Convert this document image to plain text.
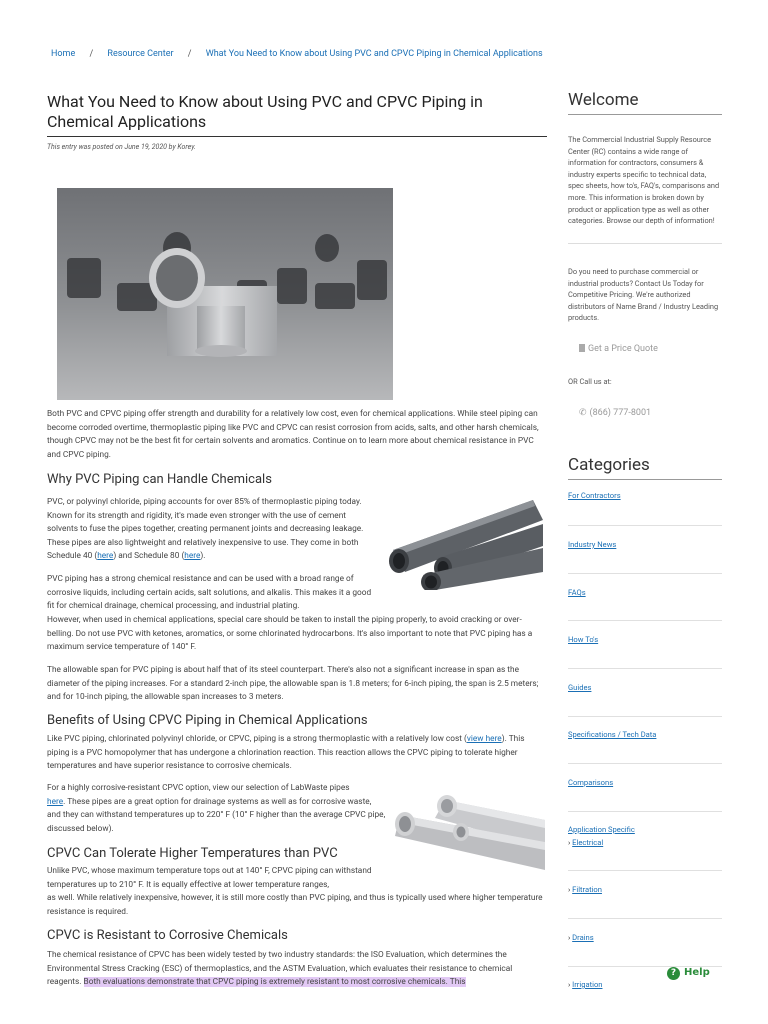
Home / Resource Center / What You Need to Know about Using PVC and CPVC Piping in Chemical Applications
What You Need to Know about Using PVC and CPVC Piping in Chemical Applications
This entry was posted on June 19, 2020 by Korey.

Both PVC and CPVC piping offer strength and durability for a relatively low cost, even for chemical applications. While steel piping can become corroded overtime, thermoplastic piping like PVC and CPVC can resist corrosion from acids, salts, and other harsh chemicals, though CPVC may not be the best fit for certain solvents and aromatics. Continue on to learn more about chemical resistance in PVC and CPVC piping.

Why PVC Piping can Handle Chemicals

PVC, or polyvinyl chloride, piping accounts for over 85% of thermoplastic piping today. Known for its strength and rigidity, it's made even stronger with the use of cement solvents to fuse the pipes together, creating permanent joints and decreasing leakage. These pipes are also lightweight and relatively inexpensive to use. They come in both Schedule 40 (here) and Schedule 80 (here).

PVC piping has a strong chemical resistance and can be used with a broad range of corrosive liquids, including certain acids, salt solutions, and alkalis. This makes it a good fit for chemical drainage, chemical processing, and industrial plating.

However, when used in chemical applications, special care should be taken to install the piping properly, to avoid cracking or over-belling. Do not use PVC with ketones, aromatics, or some chlorinated hydrocarbons. It's also important to note that PVC piping has a maximum service temperature of 140° F.

The allowable span for PVC piping is about half that of its steel counterpart. There's also not a significant increase in span as the diameter of the piping increases. For a standard 2-inch pipe, the allowable span is 1.8 meters; for 6-inch piping, the span is 2.5 meters; and for 10-inch piping, the allowable span increases to 3 meters.

Benefits of Using CPVC Piping in Chemical Applications

Like PVC piping, chlorinated polyvinyl chloride, or CPVC, piping is a strong thermoplastic with a relatively low cost (view here). This piping is a PVC homopolymer that has undergone a chlorination reaction. This reaction allows the CPVC piping to tolerate higher temperatures and have superior resistance to corrosive chemicals.

For a highly corrosive-resistant CPVC option, view our selection of LabWaste pipes
here. These pipes are a great option for drainage systems as well as for corrosive waste, and they can withstand temperatures up to 220° F (10° F higher than the average CPVC pipe, discussed below).

CPVC Can Tolerate Higher Temperatures than PVC

Unlike PVC, whose maximum temperature tops out at 140° F, CPVC piping can withstand temperatures up to 210° F. It is equally effective at lower temperature ranges,

as well. While relatively inexpensive, however, it is still more costly than PVC piping, and thus is typically used where higher temperature resistance is required.

CPVC is Resistant to Corrosive Chemicals

The chemical resistance of CPVC has been widely tested by two industry standards: the ISO Evaluation, which determines the Environmental Stress Cracking (ESC) of thermoplastics, and the ASTM Evaluation, which evaluates their resistance to chemical reagents. Both evaluations demonstrate that CPVC piping is extremely resistant to most corrosive chemicals. This

Welcome
The Commercial Industrial Supply Resource Center (RC) contains a wide range of information for contractors, consumers & industry experts specific to technical data, spec sheets, how to's, FAQ's, comparisons and more. This information is broken down by product or application type as well as other categories. Browse our depth of information!
Do you need to purchase commercial or industrial products? Contact Us Today for Competitive Pricing. We're authorized distributors of Name Brand / Industry Leading products.
Get a Price Quote
OR Call us at:
✆ (866) 777-8001
Categories
For Contractors
Industry News
FAQs
How To's
Guides
Specifications / Tech Data
Comparisons
Application Specific
› Electrical
› Filtration
› Drains
› Irrigation
? Help
